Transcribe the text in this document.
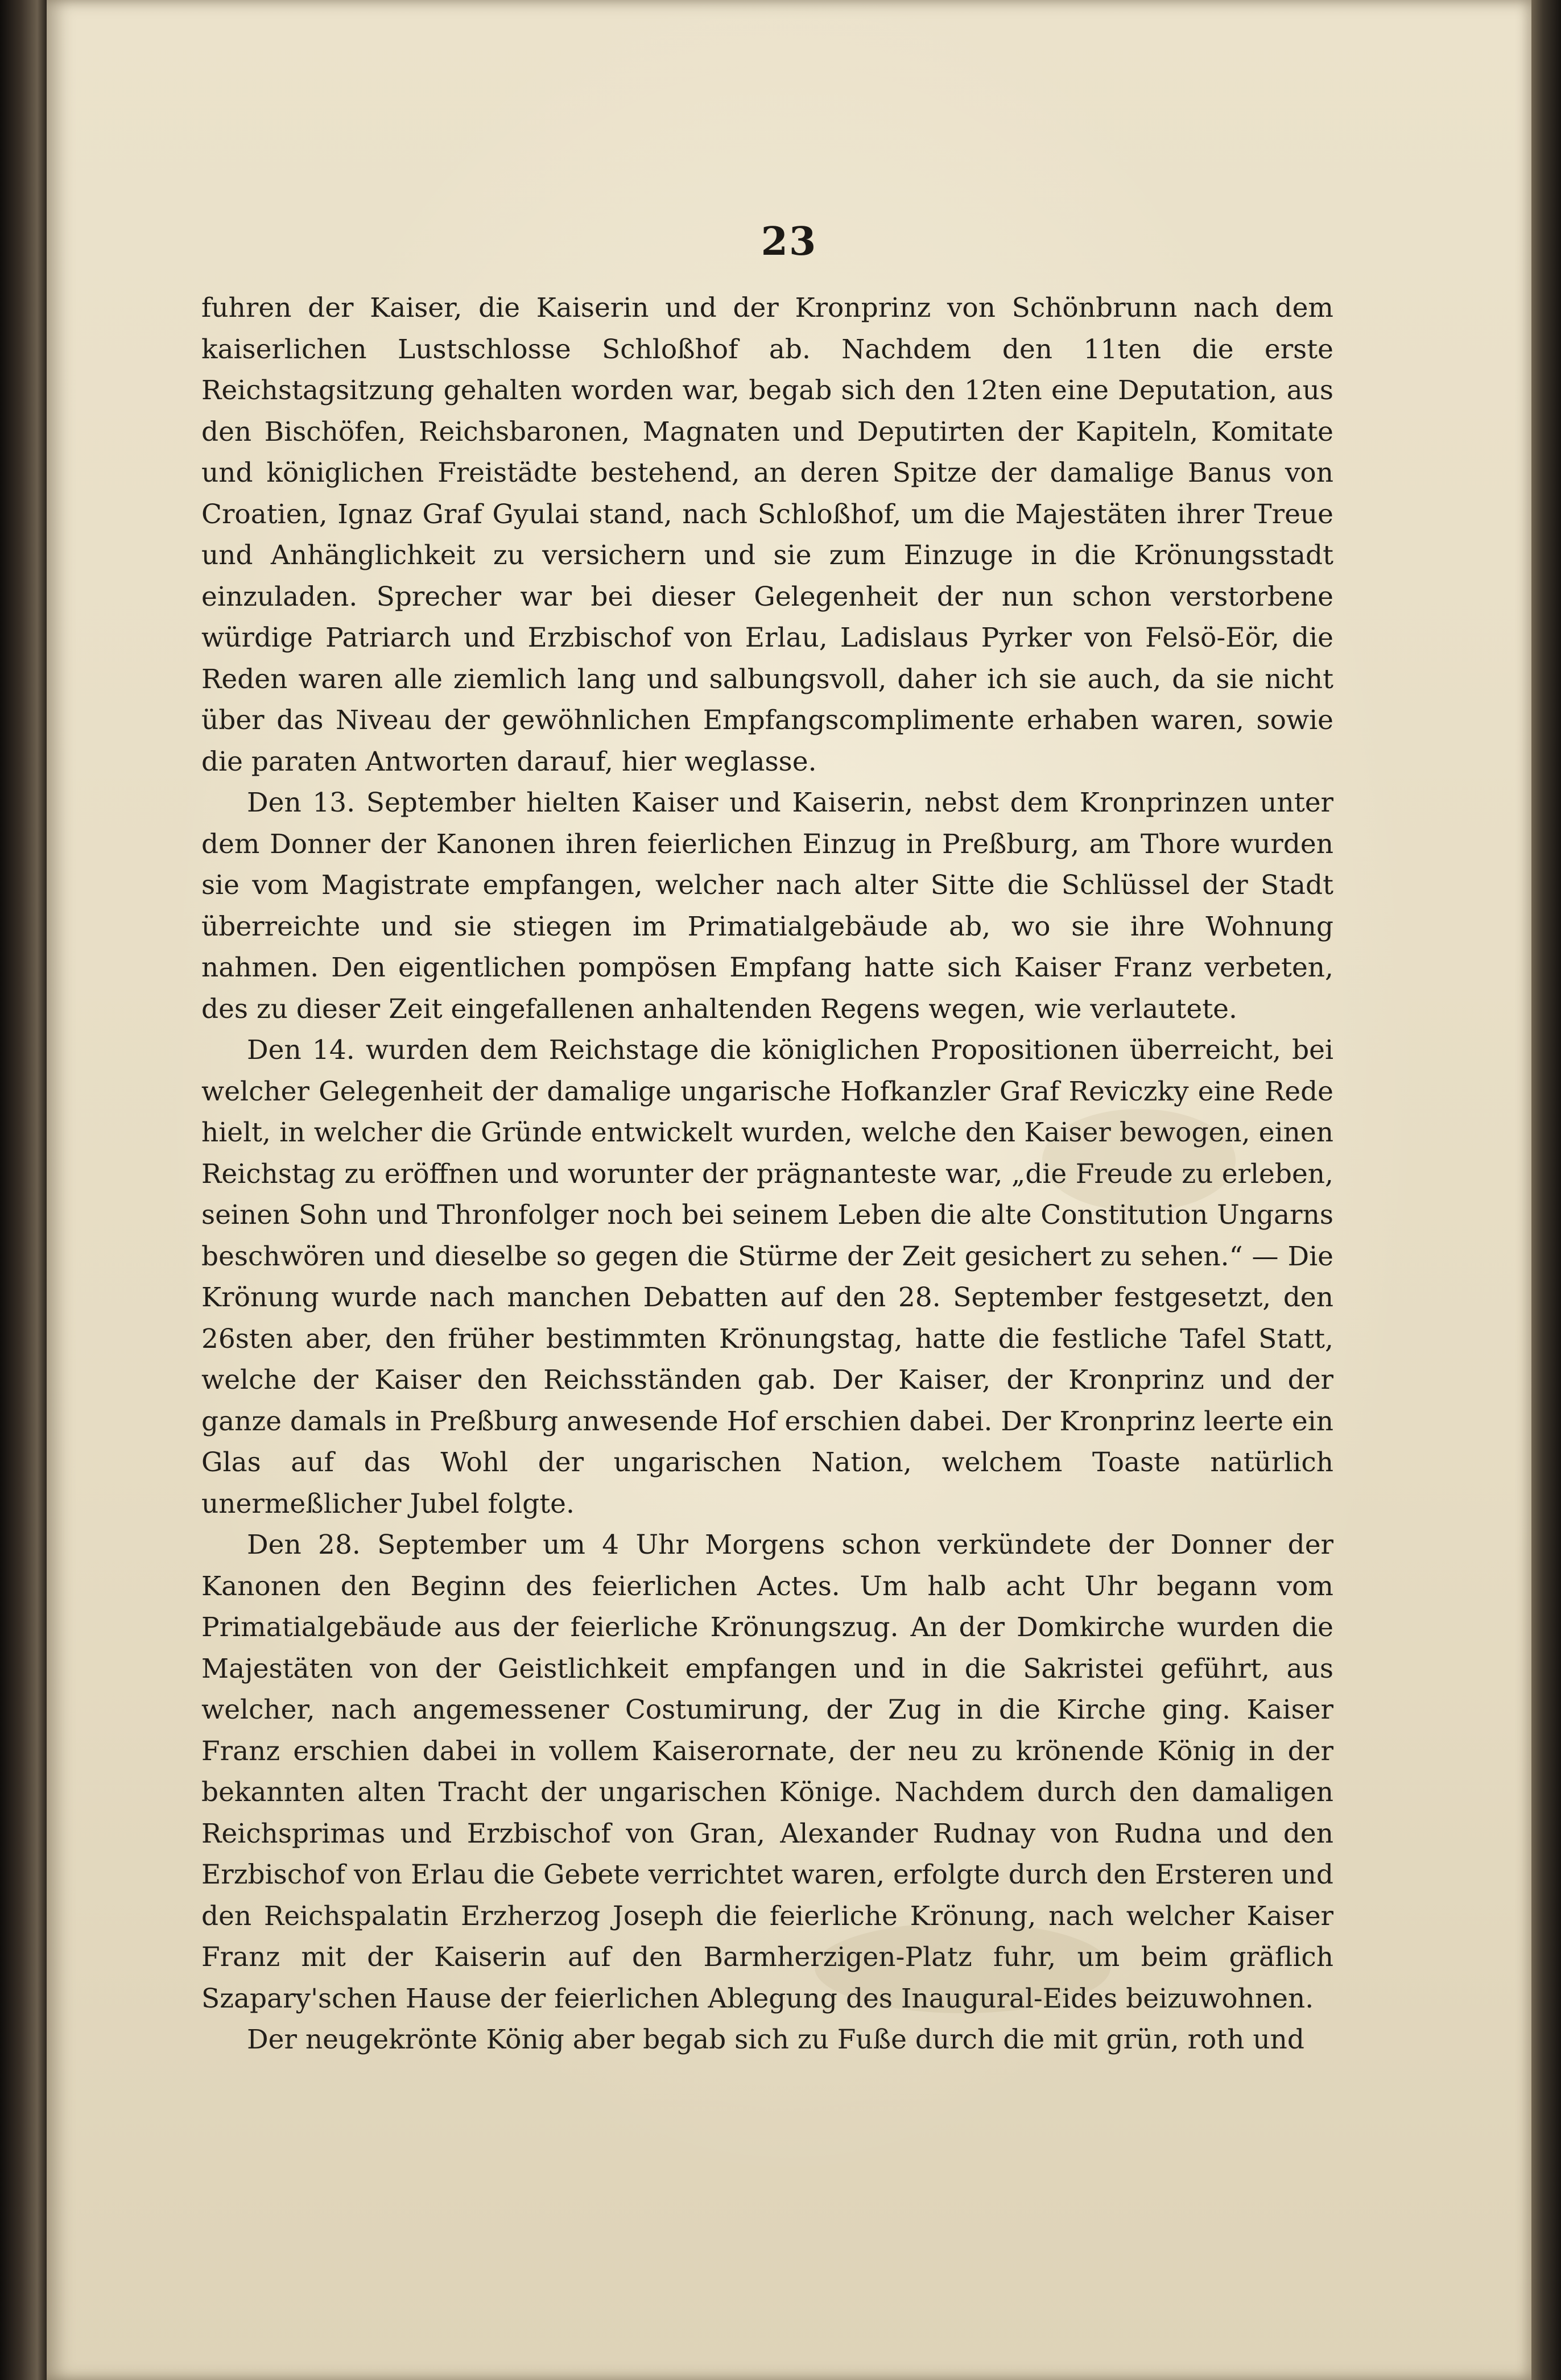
23

fuhren der Kaiser, die Kaiserin und der Kronprinz von Schönbrunn nach dem kaiserlichen Lustschlosse Schloßhof ab. Nachdem den 11ten die erste Reichstagsitzung gehalten worden war, begab sich den 12ten eine Deputation, aus den Bischöfen, Reichsbaronen, Magnaten und Deputirten der Kapiteln, Komitate und königlichen Freistädte bestehend, an deren Spitze der damalige Banus von Croatien, Ignaz Graf Gyulai stand, nach Schloßhof, um die Majestäten ihrer Treue und Anhänglichkeit zu versichern und sie zum Einzuge in die Krönungsstadt einzuladen. Sprecher war bei dieser Gelegenheit der nun schon verstorbene würdige Patriarch und Erzbischof von Erlau, Ladislaus Pyrker von Felsö-Eör, die Reden waren alle ziemlich lang und salbungsvoll, daher ich sie auch, da sie nicht über das Niveau der gewöhnlichen Empfangscomplimente erhaben waren, sowie die paraten Antworten darauf, hier weglasse.

Den 13. September hielten Kaiser und Kaiserin, nebst dem Kronprinzen unter dem Donner der Kanonen ihren feierlichen Einzug in Preßburg, am Thore wurden sie vom Magistrate empfangen, welcher nach alter Sitte die Schlüssel der Stadt überreichte und sie stiegen im Primatialgebäude ab, wo sie ihre Wohnung nahmen. Den eigentlichen pompösen Empfang hatte sich Kaiser Franz verbeten, des zu dieser Zeit eingefallenen anhaltenden Regens wegen, wie verlautete.

Den 14. wurden dem Reichstage die königlichen Propositionen überreicht, bei welcher Gelegenheit der damalige ungarische Hofkanzler Graf Reviczky eine Rede hielt, in welcher die Gründe entwickelt wurden, welche den Kaiser bewogen, einen Reichstag zu eröffnen und worunter der prägnanteste war, „die Freude zu erleben, seinen Sohn und Thronfolger noch bei seinem Leben die alte Constitution Ungarns beschwören und dieselbe so gegen die Stürme der Zeit gesichert zu sehen.“ — Die Krönung wurde nach manchen Debatten auf den 28. September festgesetzt, den 26sten aber, den früher bestimmten Krönungstag, hatte die festliche Tafel Statt, welche der Kaiser den Reichsständen gab. Der Kaiser, der Kronprinz und der ganze damals in Preßburg anwesende Hof erschien dabei. Der Kronprinz leerte ein Glas auf das Wohl der ungarischen Nation, welchem Toaste natürlich unermeßlicher Jubel folgte.

Den 28. September um 4 Uhr Morgens schon verkündete der Donner der Kanonen den Beginn des feierlichen Actes. Um halb acht Uhr begann vom Primatialgebäude aus der feierliche Krönungszug. An der Domkirche wurden die Majestäten von der Geistlichkeit empfangen und in die Sakristei geführt, aus welcher, nach angemessener Costumirung, der Zug in die Kirche ging. Kaiser Franz erschien dabei in vollem Kaiserornate, der neu zu krönende König in der bekannten alten Tracht der ungarischen Könige. Nachdem durch den damaligen Reichsprimas und Erzbischof von Gran, Alexander Rudnay von Rudna und den Erzbischof von Erlau die Gebete verrichtet waren, erfolgte durch den Ersteren und den Reichspalatin Erzherzog Joseph die feierliche Krönung, nach welcher Kaiser Franz mit der Kaiserin auf den Barmherzigen-Platz fuhr, um beim gräflich Szapary'schen Hause der feierlichen Ablegung des Inaugural-Eides beizuwohnen.

Der neugekrönte König aber begab sich zu Fuße durch die mit grün, roth und
